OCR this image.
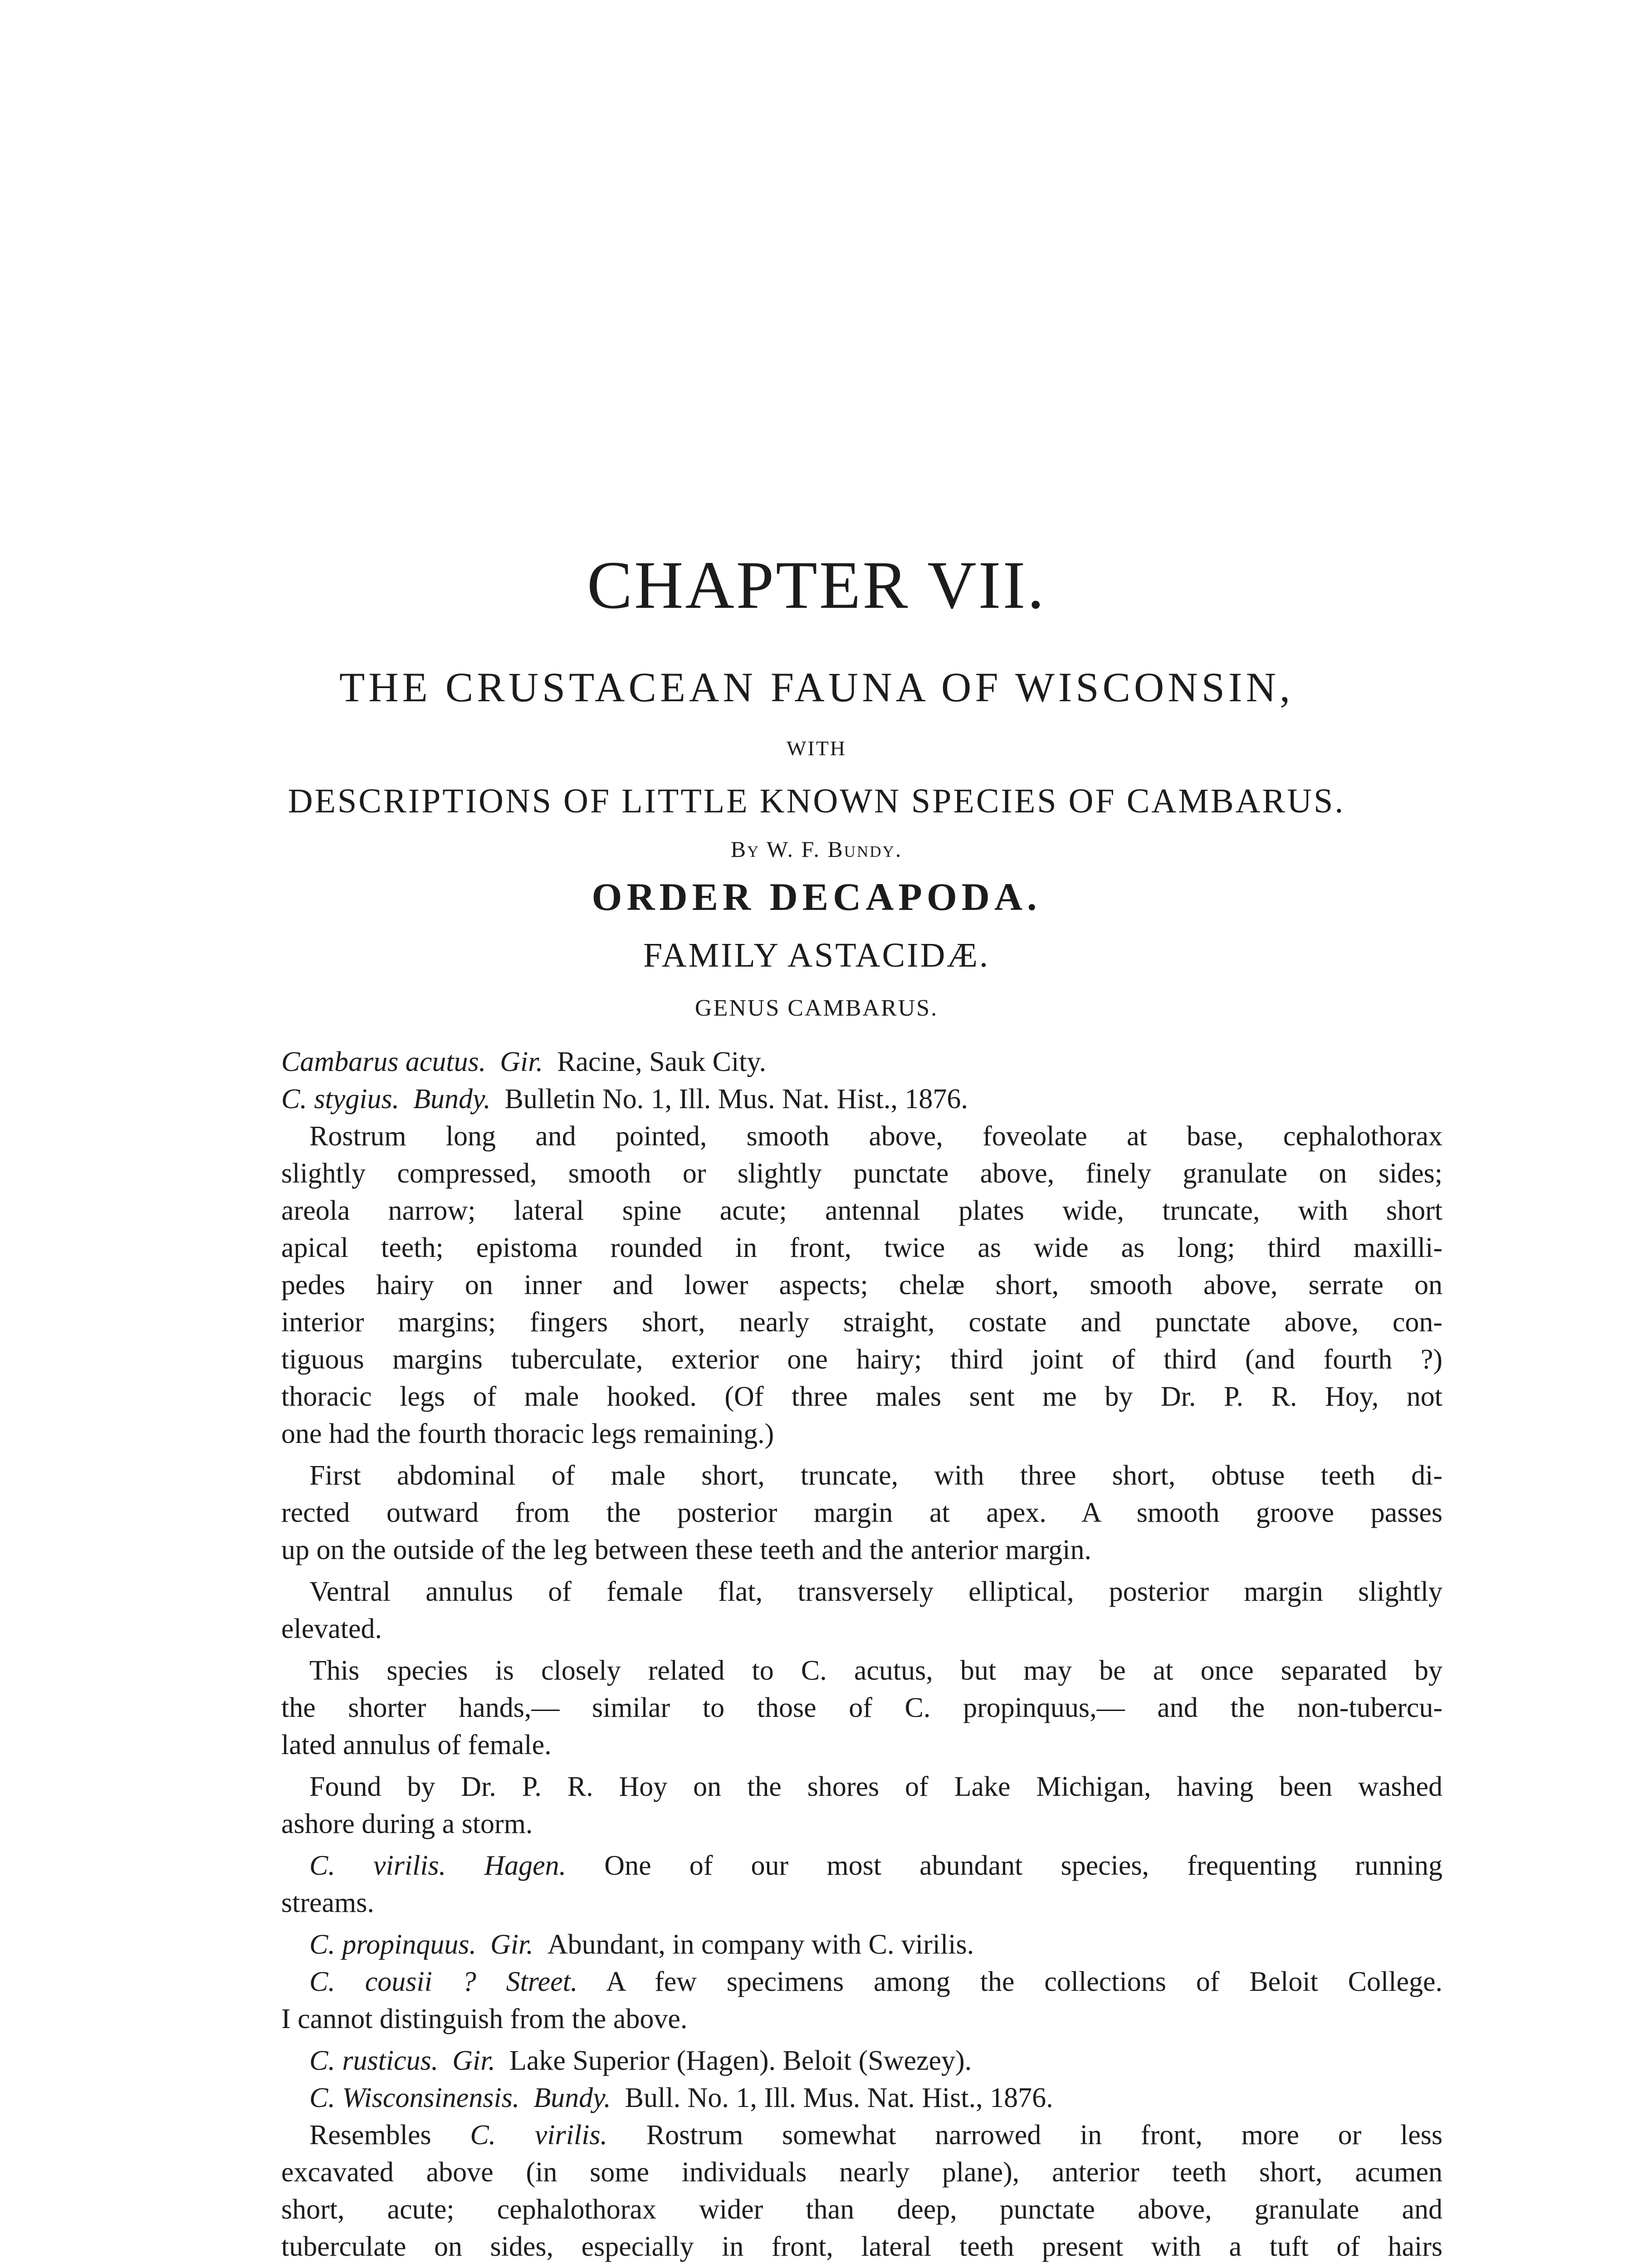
CHAPTER VII.
THE CRUSTACEAN FAUNA OF WISCONSIN,
WITH
DESCRIPTIONS OF LITTLE KNOWN SPECIES OF CAMBARUS.
By W. F. Bundy.
ORDER DECAPODA.
FAMILY ASTACIDÆ.
GENUS CAMBARUS.
Cambarus acutus. Gir. Racine, Sauk City.
C. stygius. Bundy. Bulletin No. 1, Ill. Mus. Nat. Hist., 1876.
Rostrum long and pointed, smooth above, foveolate at base, cephalothorax
slightly compressed, smooth or slightly punctate above, finely granulate on sides;
areola narrow; lateral spine acute; antennal plates wide, truncate, with short
apical teeth; epistoma rounded in front, twice as wide as long; third maxilli-
pedes hairy on inner and lower aspects; chelæ short, smooth above, serrate on
interior margins; fingers short, nearly straight, costate and punctate above, con-
tiguous margins tuberculate, exterior one hairy; third joint of third (and fourth ?)
thoracic legs of male hooked. (Of three males sent me by Dr. P. R. Hoy, not
one had the fourth thoracic legs remaining.)
First abdominal of male short, truncate, with three short, obtuse teeth di-
rected outward from the posterior margin at apex. A smooth groove passes
up on the outside of the leg between these teeth and the anterior margin.
Ventral annulus of female flat, transversely elliptical, posterior margin slightly
elevated.
This species is closely related to C. acutus, but may be at once separated by
the shorter hands,— similar to those of C. propinquus,— and the non-tubercu-
lated annulus of female.
Found by Dr. P. R. Hoy on the shores of Lake Michigan, having been washed
ashore during a storm.
C. virilis. Hagen. One of our most abundant species, frequenting running
streams.
C. propinquus. Gir. Abundant, in company with C. virilis.
C. cousii ? Street. A few specimens among the collections of Beloit College.
I cannot distinguish from the above.
C. rusticus. Gir. Lake Superior (Hagen). Beloit (Swezey).
C. Wisconsinensis. Bundy. Bull. No. 1, Ill. Mus. Nat. Hist., 1876.
Resembles C. virilis. Rostrum somewhat narrowed in front, more or less
excavated above (in some individuals nearly plane), anterior teeth short, acumen
short, acute; cephalothorax wider than deep, punctate above, granulate and
tuberculate on sides, especially in front, lateral teeth present with a tuft of hairs
